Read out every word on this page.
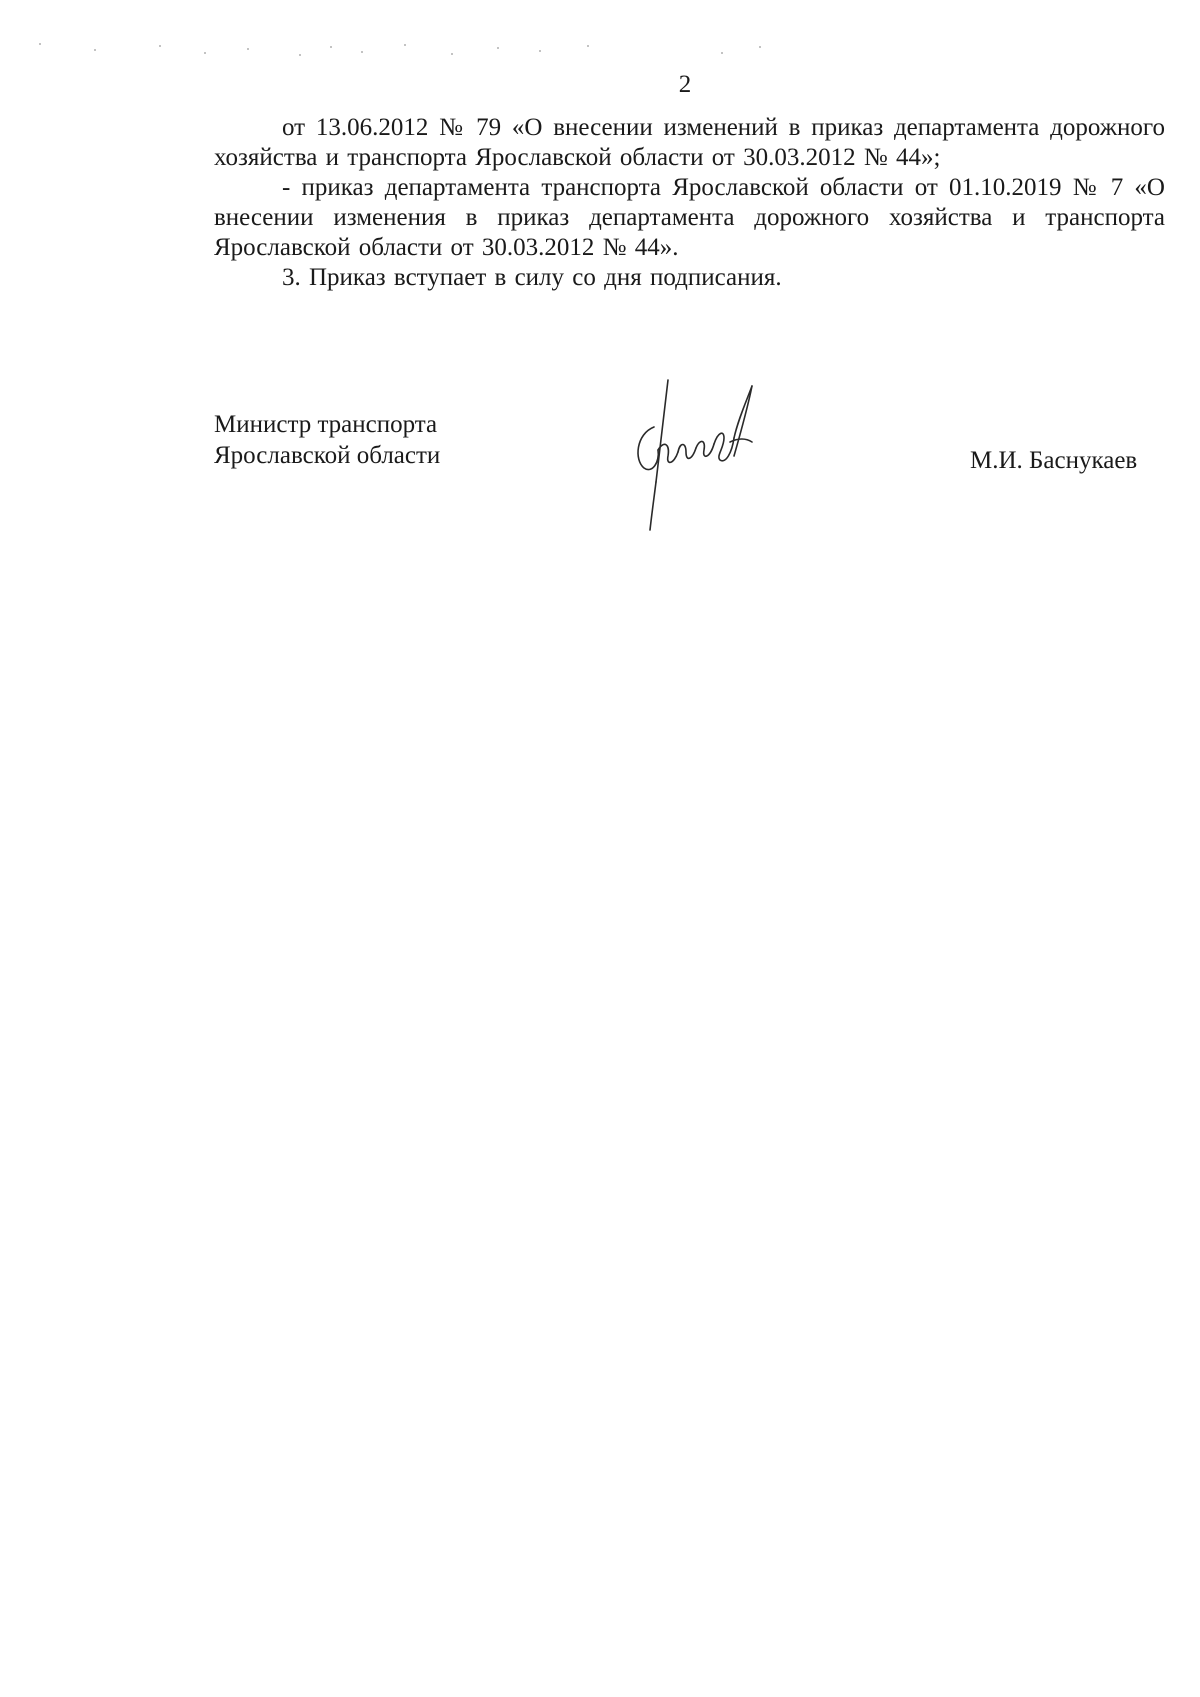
2

от 13.06.2012 № 79 «О внесении изменений в приказ департамента дорожного хозяйства и транспорта Ярославской области от 30.03.2012 № 44»;

- приказ департамента транспорта Ярославской области от 01.10.2019 № 7 «О внесении изменения в приказ департамента дорожного хозяйства и транспорта Ярославской области от 30.03.2012 № 44».

3. Приказ вступает в силу со дня подписания.

Министр транспорта
Ярославской области	М.И. Баснукаев
